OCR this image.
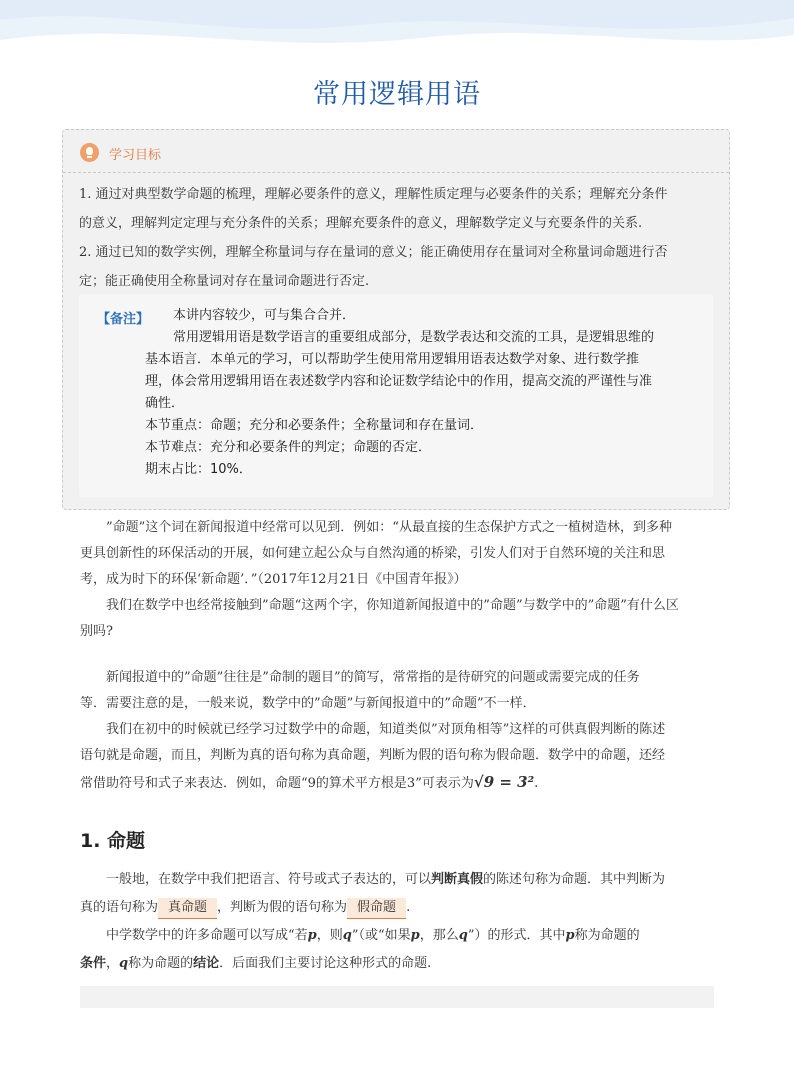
常用逻辑用语
学习目标
1. 通过对典型数学命题的梳理，理解必要条件的意义，理解性质定理与必要条件的关系；理解充分条件
的意义，理解判定定理与充分条件的关系；理解充要条件的意义，理解数学定义与充要条件的关系.
2. 通过已知的数学实例，理解全称量词与存在量词的意义；能正确使用存在量词对全称量词命题进行否
定；能正确使用全称量词对存在量词命题进行否定.
【备注】 本讲内容较少，可与集合合并．
常用逻辑用语是数学语言的重要组成部分，是数学表达和交流的工具，是逻辑思维的
基本语言．本单元的学习，可以帮助学生使用常用逻辑用语表达数学对象、进行数学推
理，体会常用逻辑用语在表述数学内容和论证数学结论中的作用，提高交流的严谨性与准
确性．
本节重点：命题；充分和必要条件；全称量词和存在量词．
本节难点：充分和必要条件的判定；命题的否定．
期末占比：10%．
”命题”这个词在新闻报道中经常可以见到．例如：“从最直接的生态保护方式之一植树造林，到多种
更具创新性的环保活动的开展，如何建立起公众与自然沟通的桥梁，引发人们对于自然环境的关注和思
考，成为时下的环保‘新命题’．”（2017年12月21日《中国青年报》）
我们在数学中也经常接触到”命题“这两个字，你知道新闻报道中的”命题”与数学中的”命题”有什么区
别吗?
新闻报道中的”命题”往往是”命制的题目”的简写，常常指的是待研究的问题或需要完成的任务
等．需要注意的是，一般来说，数学中的”命题”与新闻报道中的”命题”不一样．
我们在初中的时候就已经学习过数学中的命题，知道类似”对顶角相等”这样的可供真假判断的陈述
语句就是命题，而且，判断为真的语句称为真命题，判断为假的语句称为假命题．数学中的命题，还经
常借助符号和式子来表达．例如，命题“9的算术平方根是3”可表示为√9 = 3².
1. 命题
一般地，在数学中我们把语言、符号或式子表达的，可以判断真假的陈述句称为命题．其中判断为
真的语句称为 真命题 ，判断为假的语句称为 假命题 .
中学数学中的许多命题可以写成“若p，则q”（或“如果p，那么q”）的形式．其中p称为命题的
条件，q称为命题的结论．后面我们主要讨论这种形式的命题.
